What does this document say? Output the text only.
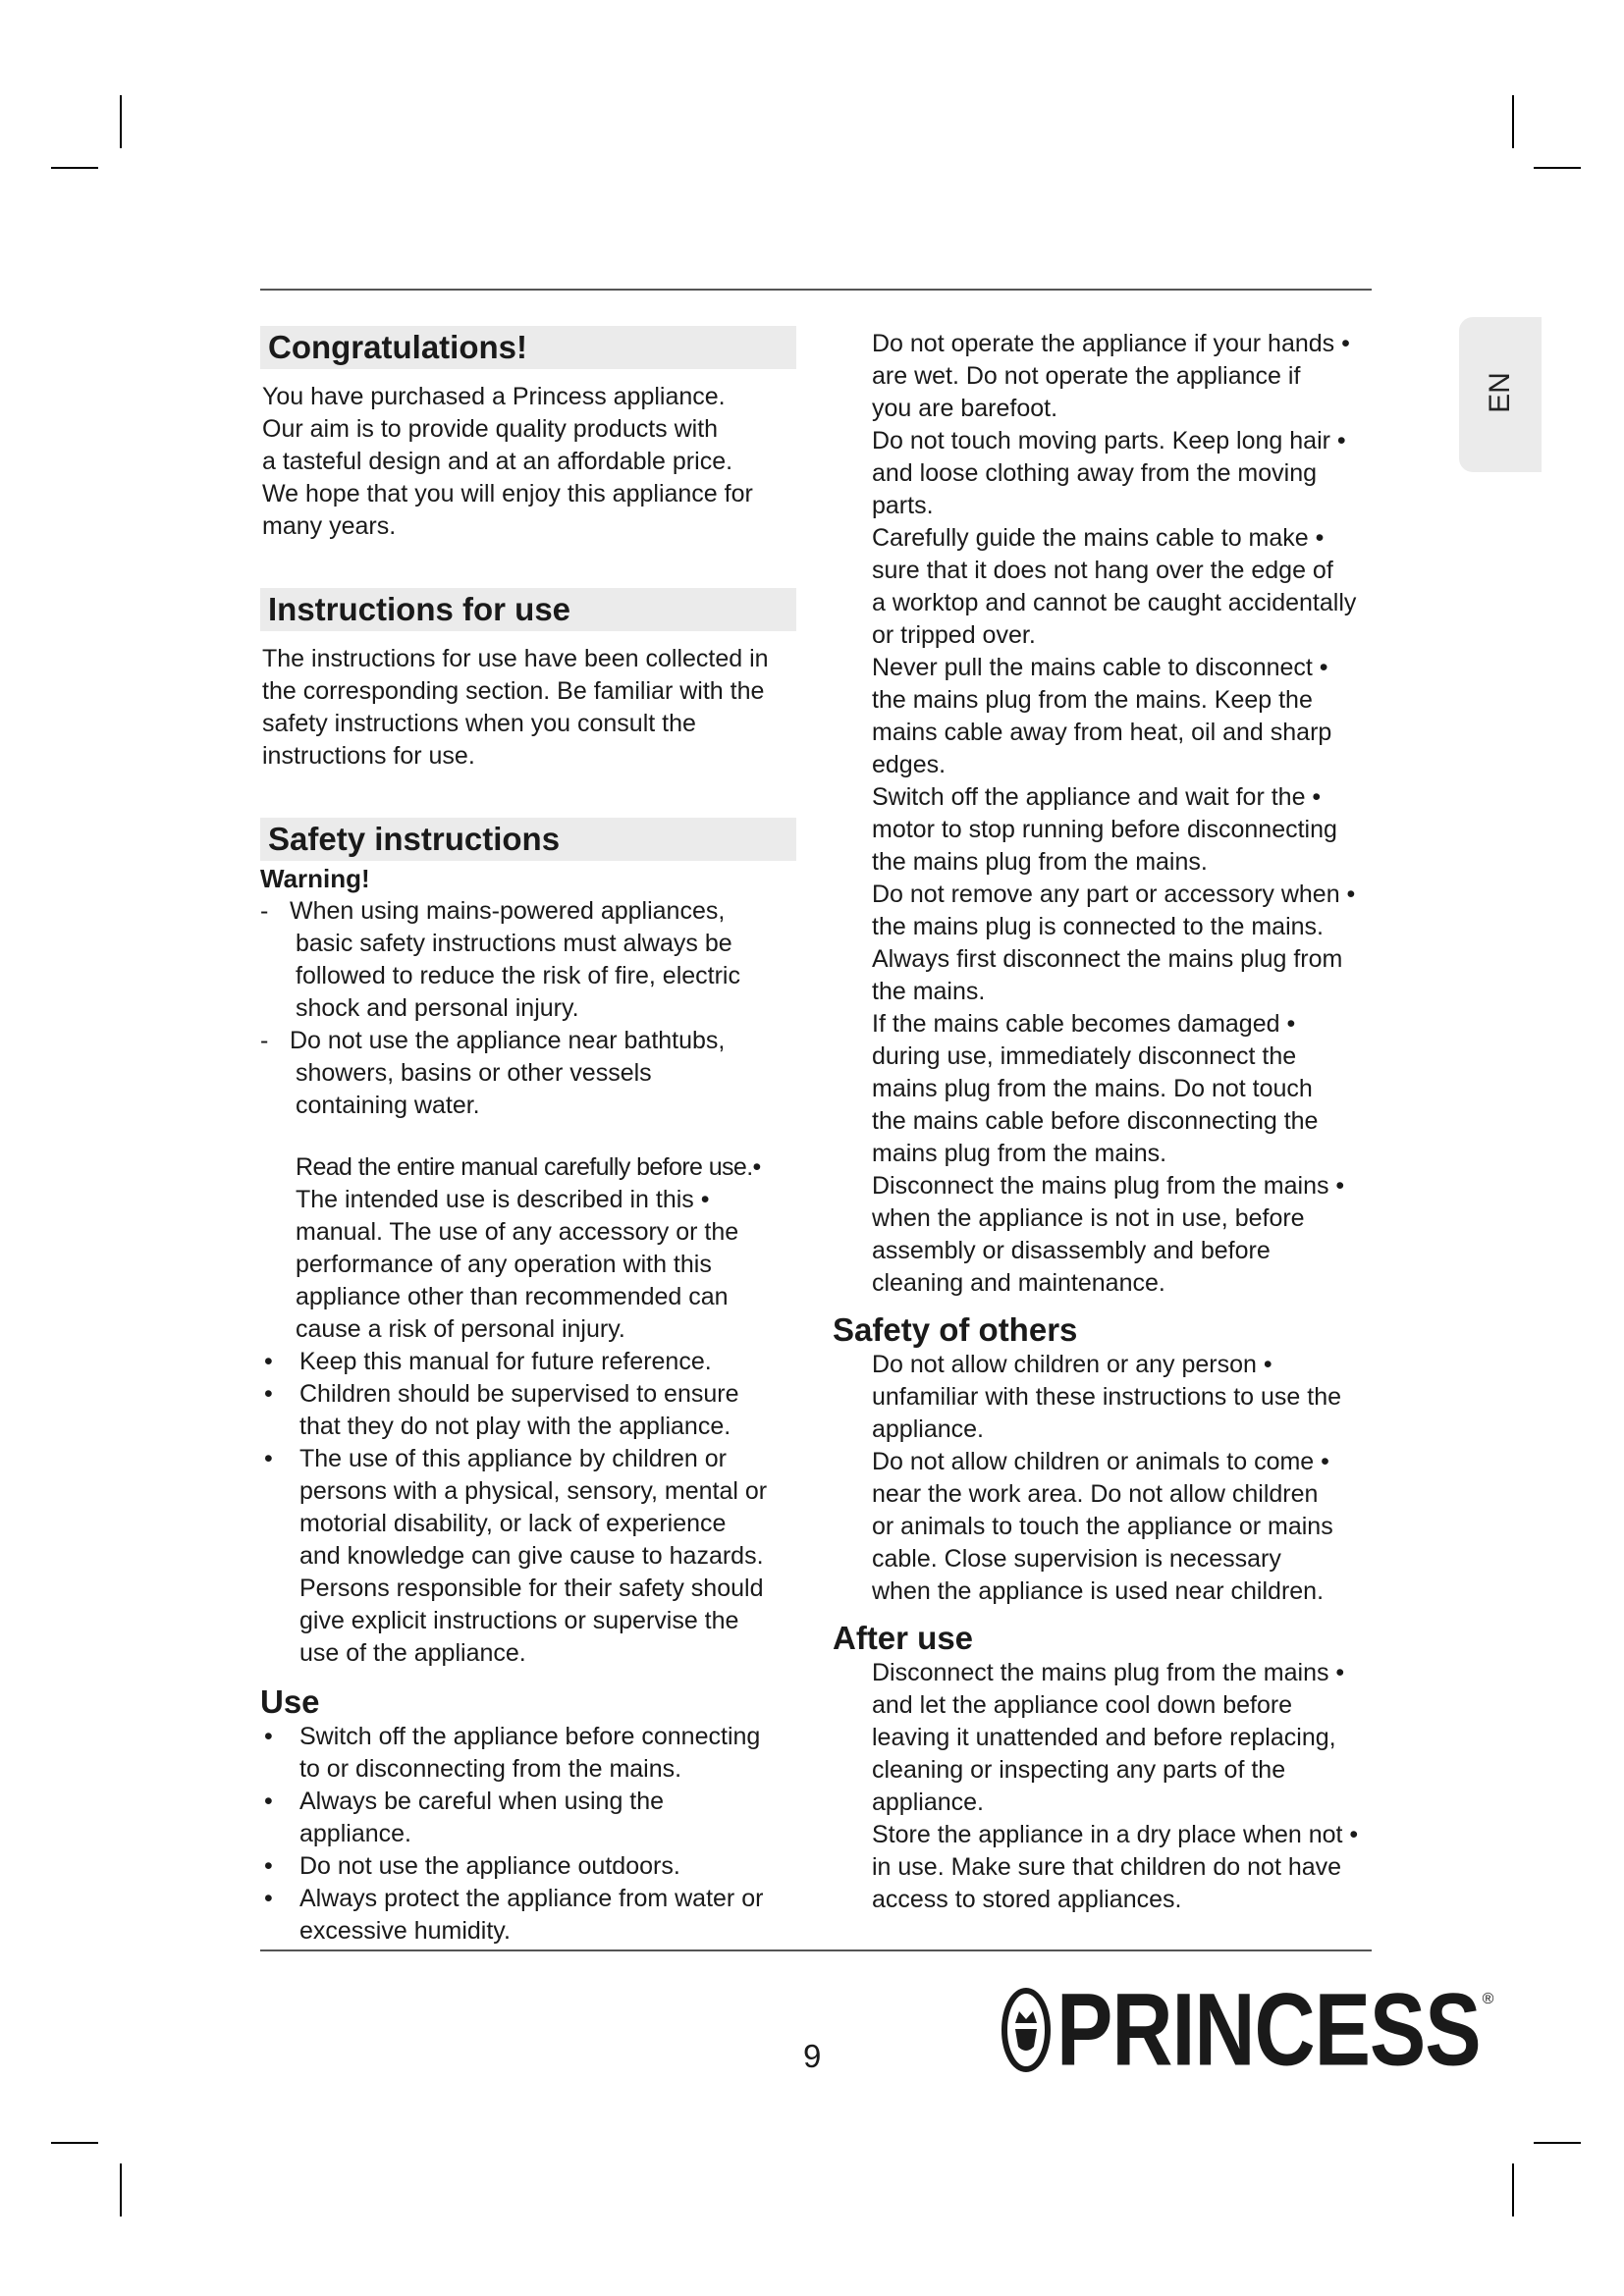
Congratulations!

You have purchased a Princess appliance.
Our aim is to provide quality products with
a tasteful design and at an affordable price.
We hope that you will enjoy this appliance for
many years.

Instructions for use

The instructions for use have been collected in
the corresponding section. Be familiar with the
safety instructions when you consult the
instructions for use.

Safety instructions
Warning!
- When using mains-powered appliances,
basic safety instructions must always be
followed to reduce the risk of fire, electric
shock and personal injury.
- Do not use the appliance near bathtubs,
showers, basins or other vessels
containing water.
Read the entire manual carefully before use.•
The intended use is described in this •
manual. The use of any accessory or the
performance of any operation with this
appliance other than recommended can
cause a risk of personal injury.
• Keep this manual for future reference.
• Children should be supervised to ensure
that they do not play with the appliance.
• The use of this appliance by children or
persons with a physical, sensory, mental or
motorial disability, or lack of experience
and knowledge can give cause to hazards.
Persons responsible for their safety should
give explicit instructions or supervise the
use of the appliance.
Use
• Switch off the appliance before connecting
to or disconnecting from the mains.
• Always be careful when using the
appliance.
• Do not use the appliance outdoors.
• Always protect the appliance from water or
excessive humidity.
Do not operate the appliance if your hands •
are wet. Do not operate the appliance if
you are barefoot.
Do not touch moving parts. Keep long hair •
and loose clothing away from the moving
parts.
Carefully guide the mains cable to make •
sure that it does not hang over the edge of
a worktop and cannot be caught accidentally
or tripped over.
Never pull the mains cable to disconnect •
the mains plug from the mains. Keep the
mains cable away from heat, oil and sharp
edges.
Switch off the appliance and wait for the •
motor to stop running before disconnecting
the mains plug from the mains.
Do not remove any part or accessory when •
the mains plug is connected to the mains.
Always first disconnect the mains plug from
the mains.
If the mains cable becomes damaged •
during use, immediately disconnect the
mains plug from the mains. Do not touch
the mains cable before disconnecting the
mains plug from the mains.
Disconnect the mains plug from the mains •
when the appliance is not in use, before
assembly or disassembly and before
cleaning and maintenance.
Safety of others
Do not allow children or any person •
unfamiliar with these instructions to use the
appliance.
Do not allow children or animals to come •
near the work area. Do not allow children
or animals to touch the appliance or mains
cable. Close supervision is necessary
when the appliance is used near children.
After use
Disconnect the mains plug from the mains •
and let the appliance cool down before
leaving it unattended and before replacing,
cleaning or inspecting any parts of the
appliance.
Store the appliance in a dry place when not •
in use. Make sure that children do not have
access to stored appliances.
EN
9	PRINCESS ®
